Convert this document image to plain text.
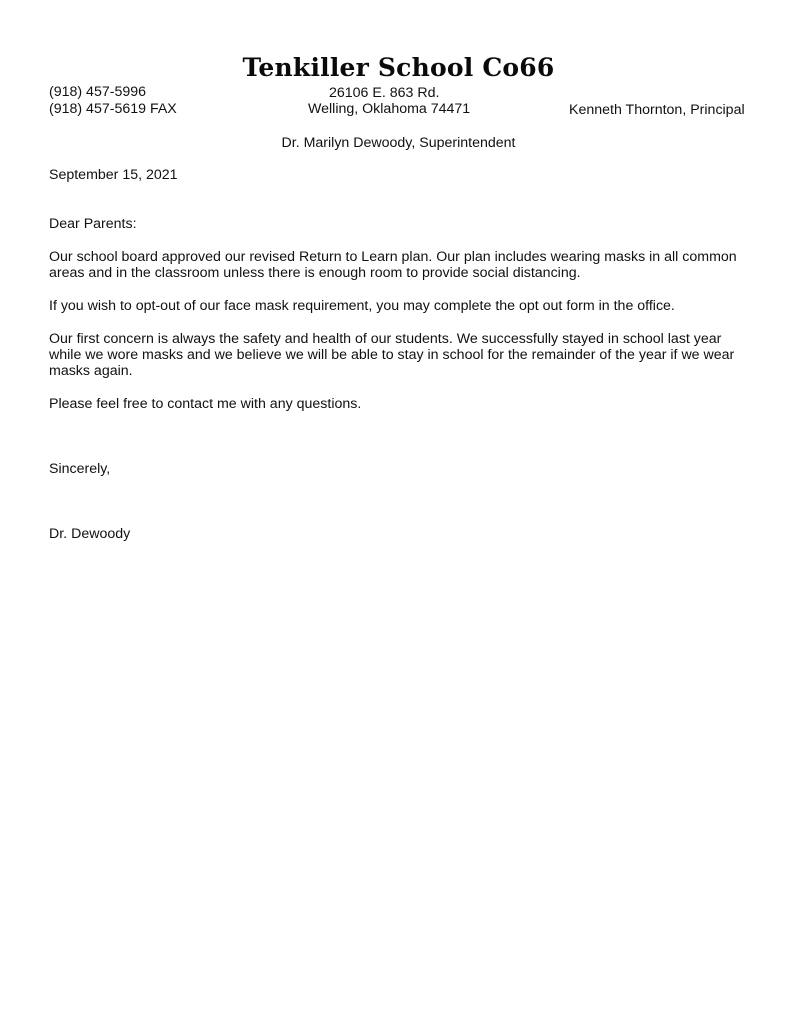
Tenkiller School Co66
(918) 457-5996
(918) 457-5619 FAX
26106 E. 863 Rd.
Welling, Oklahoma 74471	Kenneth Thornton, Principal
Dr. Marilyn Dewoody, Superintendent
September 15, 2021
Dear Parents:
Our school board approved our revised Return to Learn plan. Our plan includes wearing masks in all common
areas and in the classroom unless there is enough room to provide social distancing.
If you wish to opt-out of our face mask requirement, you may complete the opt out form in the office.
Our first concern is always the safety and health of our students. We successfully stayed in school last year
while we wore masks and we believe we will be able to stay in school for the remainder of the year if we wear
masks again.
Please feel free to contact me with any questions.
Sincerely,
Dr. Dewoody
